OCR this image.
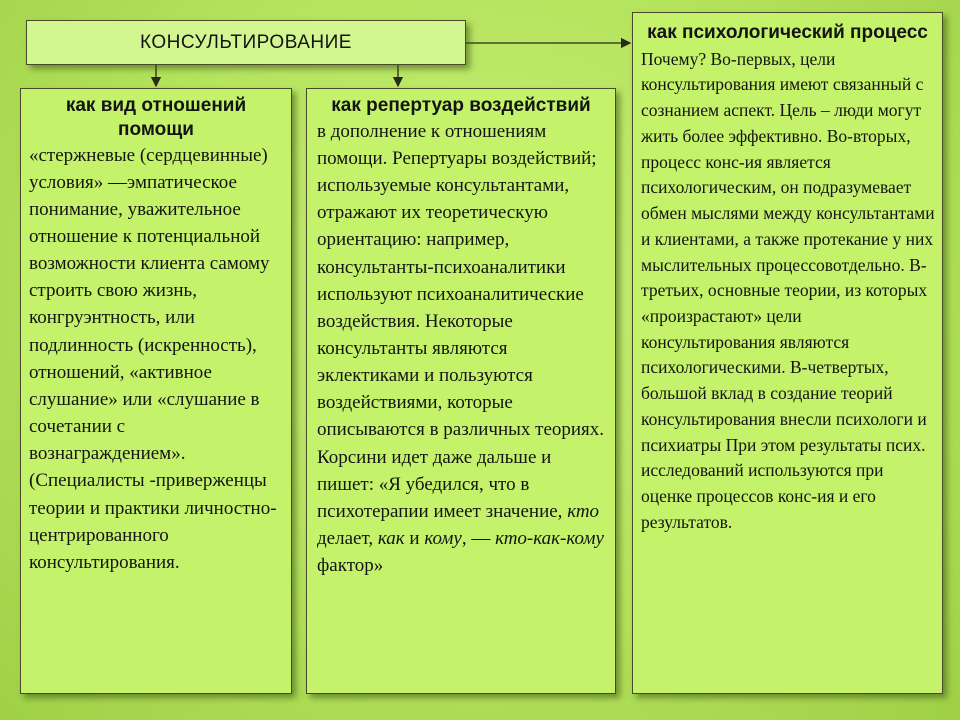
КОНСУЛЬТИРОВАНИЕ
как вид отношений помощи
«стержневые (сердцевинные) условия» —эмпатическое понимание, уважительное отношение к потенциальной возможности клиента самому строить свою жизнь, конгруэнтность, или подлинность (искренность), отношений, «активное слушание» или «слушание в сочетании с вознаграждением». (Специалисты -приверженцы теории и практики личностно-центрированного консультирования.
как репертуар воздействий
в дополнение к отношениям помощи. Репертуары воздействий; используемые консультантами, отражают их теоретическую ориентацию: например, консультанты-психоаналитики используют психоаналитические воздействия. Некоторые консультанты являются эклектиками и пользуются воздействиями, которые описываются в различных теориях. Корсини идет даже дальше и пишет: «Я убедился, что в психотерапии имеет значение, кто делает, как и кому, — кто-как-кому фактор»
как психологический процесс
Почему? Во-первых, цели консультирования имеют связанный с сознанием аспект. Цель – люди могут жить более эффективно. Во-вторых, процесс конс-ия является психологическим, он подразумевает обмен мыслями между консультантами и клиентами, а также протекание у них мыслительных процессовотдельно. В-третьих, основные теории, из которых «произрастают» цели консультирования являются психологическими. В-четвертых, большой вклад в создание теорий консультирования внесли психологи и психиатры При этом результаты псих. исследований используются при оценке процессов конс-ия и его результатов.
